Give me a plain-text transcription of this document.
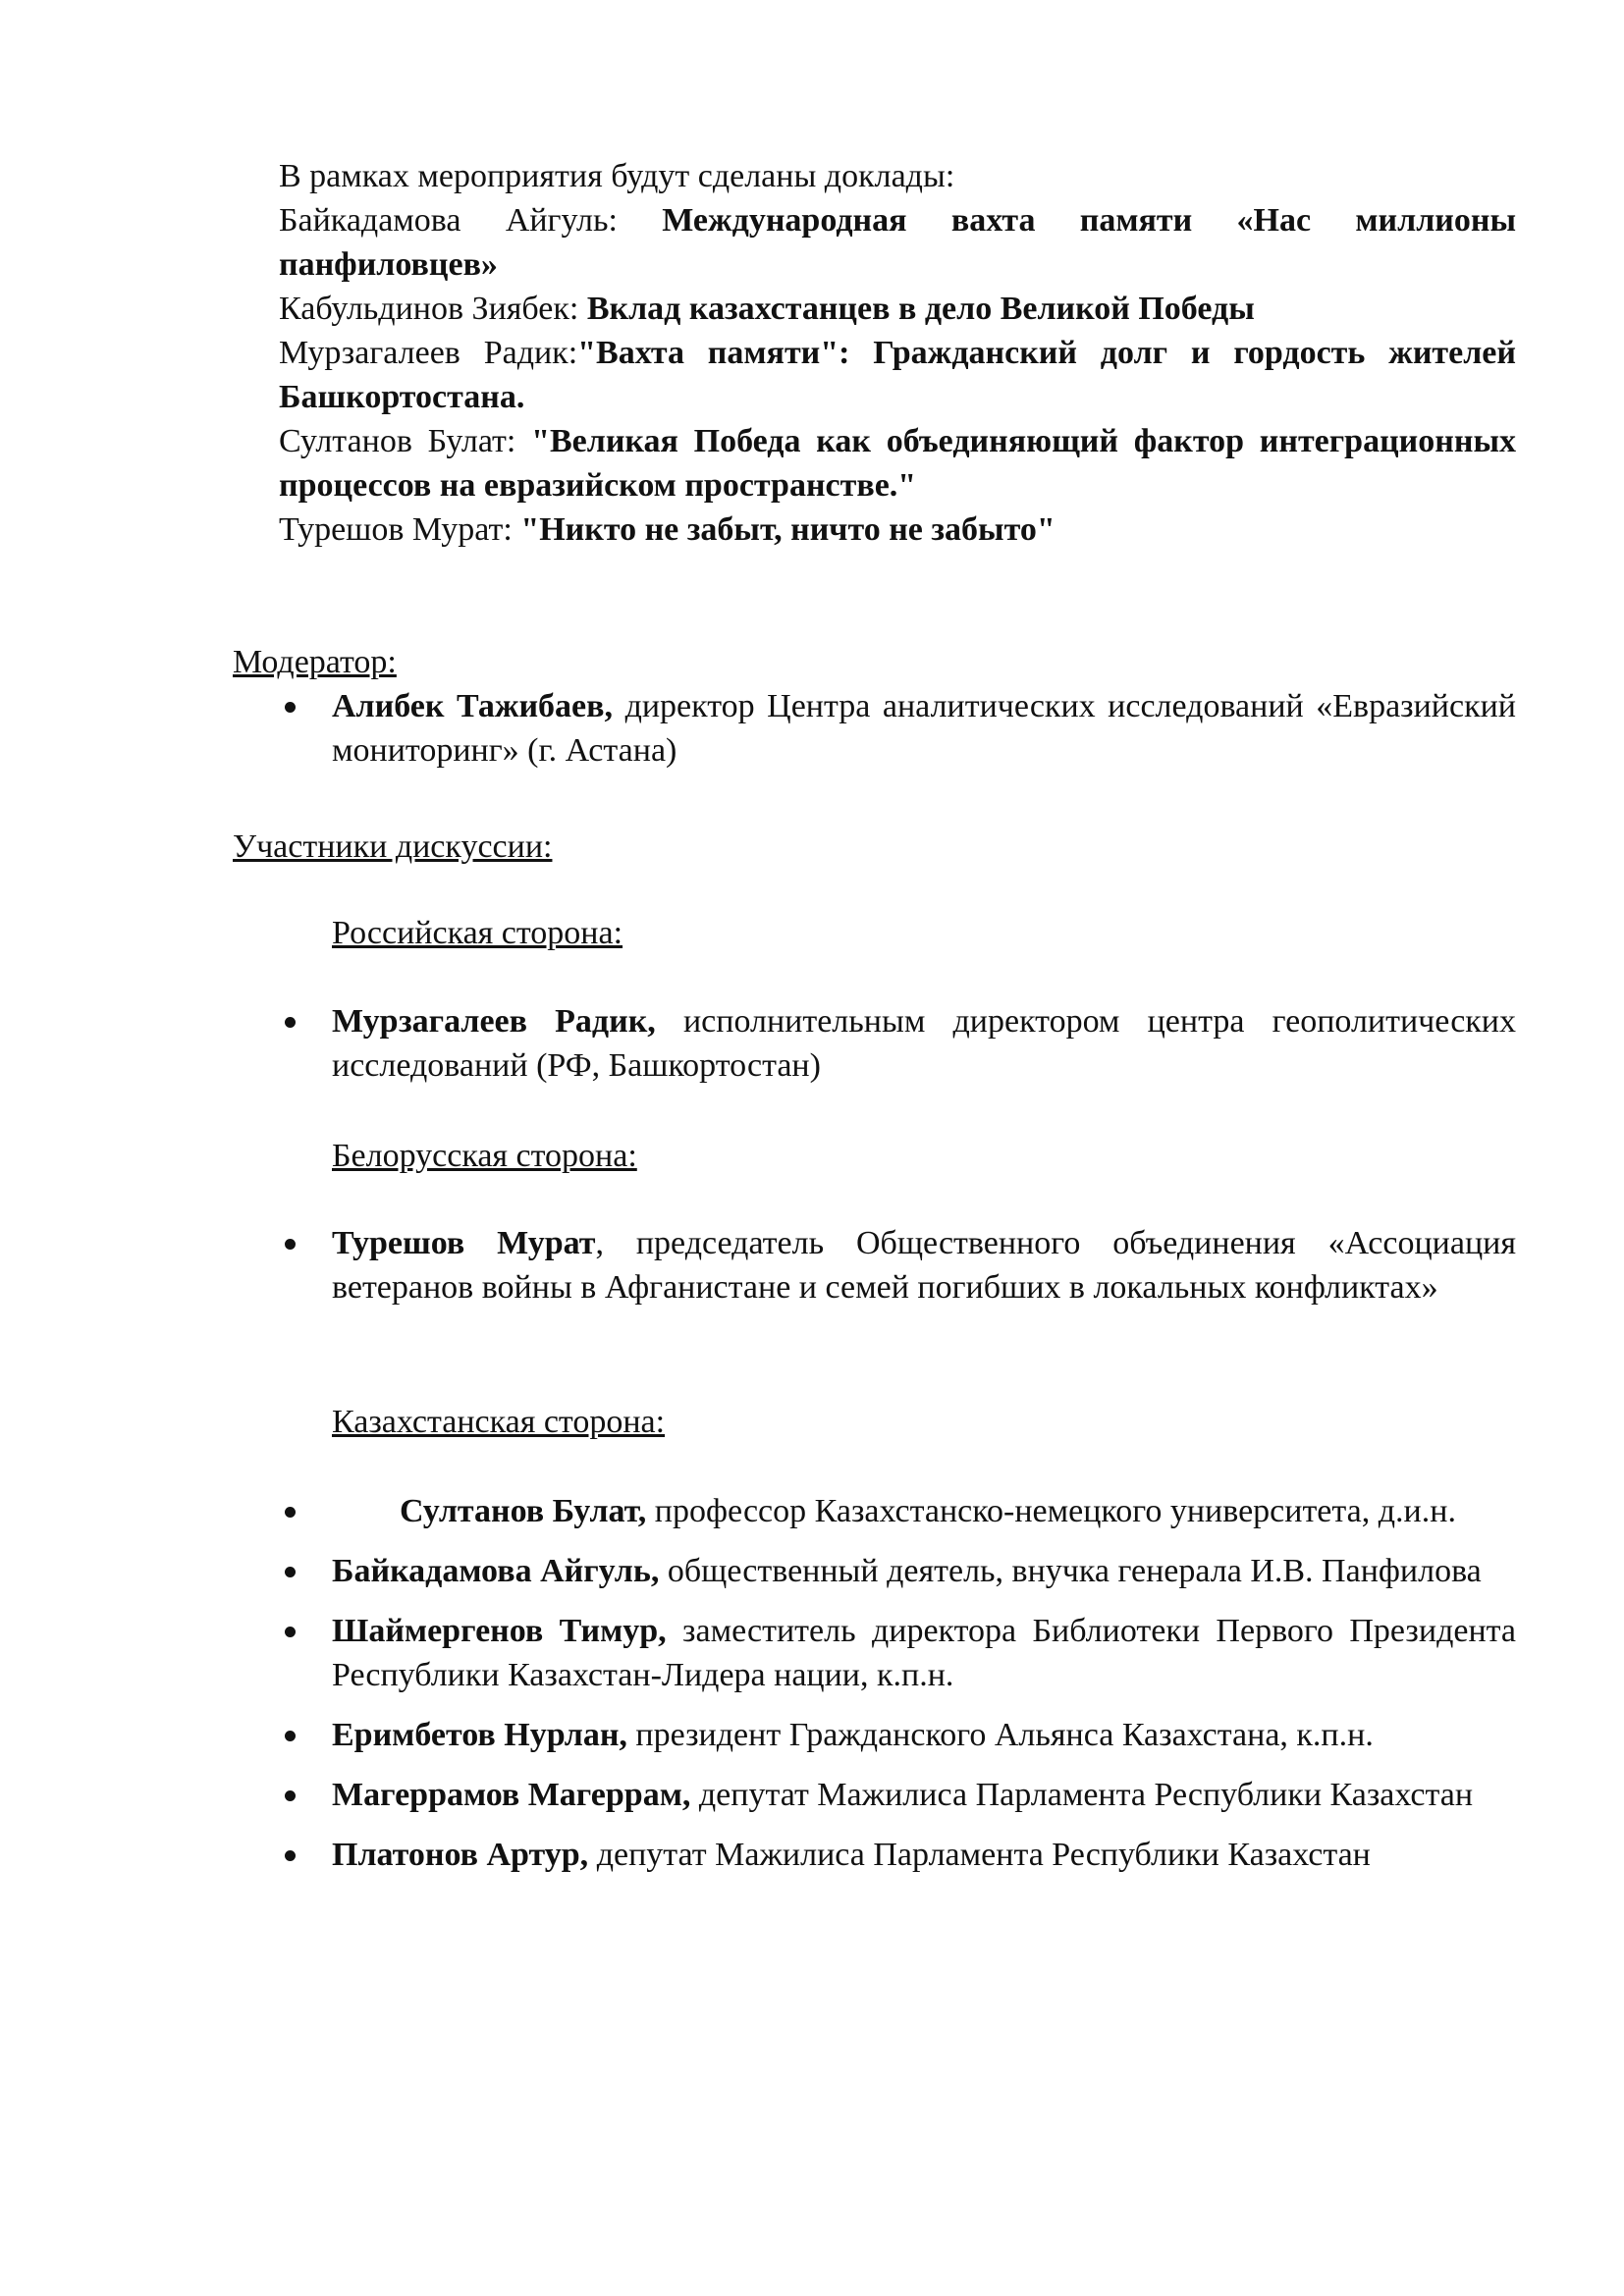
В рамках мероприятия будут сделаны доклады:

Байкадамова Айгуль: Международная вахта памяти «Нас миллионы панфиловцев»

Кабульдинов Зиябек: Вклад казахстанцев в дело Великой Победы

Мурзагалеев Радик:"Вахта памяти": Гражданский долг и гордость жителей Башкортостана.

Султанов Булат: "Великая Победа как объединяющий фактор интеграционных процессов на евразийском пространстве."

Турешов Мурат: "Никто не забыт, ничто не забыто"

Модератор:

Алибек Тажибаев, директор Центра аналитических исследований «Евразийский мониторинг» (г. Астана)

Участники дискуссии:

Российская сторона:

Мурзагалеев Радик, исполнительным директором центра геополитических исследований (РФ, Башкортостан)

Белорусская сторона:

Турешов Мурат, председатель Общественного объединения «Ассоциация ветеранов войны в Афганистане и семей погибших в локальных конфликтах»

Казахстанская сторона:

Султанов Булат, профессор Казахстанско-немецкого университета, д.и.н.
Байкадамова Айгуль, общественный деятель, внучка генерала И.В. Панфилова
Шаймергенов Тимур, заместитель директора Библиотеки Первого Президента Республики Казахстан-Лидера нации, к.п.н.
Еримбетов Нурлан, президент Гражданского Альянса Казахстана, к.п.н.
Магеррамов Магеррам, депутат Мажилиса Парламента Республики Казахстан
Платонов Артур, депутат Мажилиса Парламента Республики Казахстан
